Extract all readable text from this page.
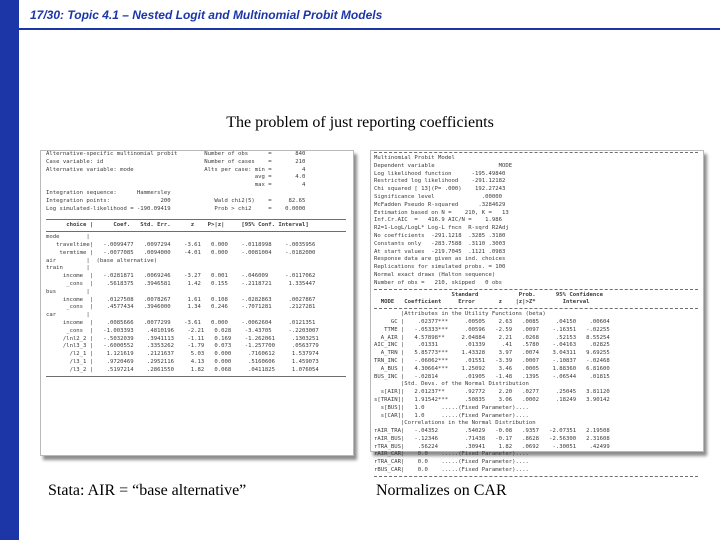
17/30: Topic 4.1 – Nested Logit and Multinomial Probit Models
The problem of just reporting coefficients
Alternative-specific multinomial probit        Number of obs      =       840
Case variable: id                              Number of cases    =       210
Alternative variable: mode                     Alts per case: min =         4
avg =       4.0
max =         4
Integration sequence:      Hammersley
Integration points:               200             Wald chi2(5)    =     82.65
Log simulated-likelihood = -190.09419             Prob > chi2     =    0.0000
choice |      Coef.   Std. Err.      z    P>|z|     [95% Conf. Interval]
mode        |
traveltime|   -.0099477   .0097294    -3.61   0.000    -.0118998    -.0035956
termtime |   -.0077085   .0094000    -4.01   0.000    -.0081004    -.0182000
air         |  (base alternative)
train       |
income  |   -.0281871   .0069246    -3.27   0.001    -.046009     -.0117062
_cons  |    .5618375   .3946581     1.42   0.155    -.2118721     1.335447
bus         |
income  |    .0127508   .0078267     1.61   0.108    -.0282863     .0027867
_cons  |    .4577434   .3946000     1.34   0.246    -.7071281     .2127281
car         |
income  |    .0085666   .0077299    -3.61   0.000    -.0062604     .0121351
_cons  |   -1.003393    .4810196    -2.21   0.028    -3.43705     -.2203007
/lnl2_2 |   -.5032039    .3941113    -1.11   0.169    -1.262061     .1303251
/lnl3_3 |   -.6000552    .3353262    -1.79   0.073    -1.257700     .0563779
/l2_1 |    1.121619    .2121637     5.03   0.000     .7160612     1.537974
/l3_1 |    .9720469    .2952116     4.13   0.000     .5160606     1.459073
/l3_2 |    .5197214    .2861550     1.82   0.068     .0411825     1.076054
Multinomial Probit Model
Dependent variable                   MODE
Log likelihood function      -195.49840
Restricted log likelihood    -291.12182
Chi squared [ 13](P= .000)    192.27243
Significance level              .00000
McFadden Pseudo R-squared      .3284629
Estimation based on N =    210, K =   13
Inf.Cr.AIC  =   416.9 AIC/N =    1.986
R2=1-LogL/LogL* Log-L fncn  R-sqrd R2Adj
No coefficients  -291.1218  .3285 .3180
Constants only   -283.7588  .3110 .3003
At start values  -219.7045  .1121 .0983
Response data are given as ind. choices
Replications for simulated probs. = 100
Normal exact draws (Halton sequence)
Number of obs =   210, skipped   0 obs
Standard            Prob.      95% Confidence
MODE   Coefficient     Error       z    |z|>Z*        Interval
|Attributes in the Utility Functions (beta)
GC |    .02377***     .00505    2.63   .0085     .04150    .00604
TTME |   -.05333***     .00596   -2.59   .0097    -.16351   -.02255
A_AIR |   4.57898**     2.04884    2.21   .0268     .52153   8.55254
AIC_INC |    .01331        .01339     .41   .5780    -.04163    .02825
A_TRN |   5.85773***    1.43328    3.97   .0074    3.04311   9.69255
TRN_INC |   -.06062***     .01551   -3.39   .0007    -.10837   -.02468
A_BUS |   4.30664***    1.25092    3.46   .0005    1.88360   6.81600
BUS_INC |   -.02814        .01905   -1.48   .1395    -.06544    .01815
|Std. Devs. of the Normal Distribution
s[AIR]|   2.01237**      .92772    2.20   .0277     .25045   3.81120
s[TRAIN]|   1.91542***     .50835    3.06   .0002     .18249   3.90142
s[BUS]|   1.0     .....(Fixed Parameter)....
s[CAR]|   1.0     .....(Fixed Parameter)....
|Correlations in the Normal Distribution
rAIR_TRA|   -.04352        .54029   -0.08   .9357   -2.07351   2.19508
rAIR_BUS|   -.12346        .71438   -0.17   .8628   -2.56300   2.31608
rTRA_BUS|    .56224        .30941    1.82   .0692    -.30051    .42499
rAIR_CAR|    0.0    .....(Fixed Parameter)....
rTRA_CAR|    0.0    .....(Fixed Parameter)....
rBUS_CAR|    0.0    .....(Fixed Parameter)....
Stata: AIR = “base alternative”	Normalizes on CAR
